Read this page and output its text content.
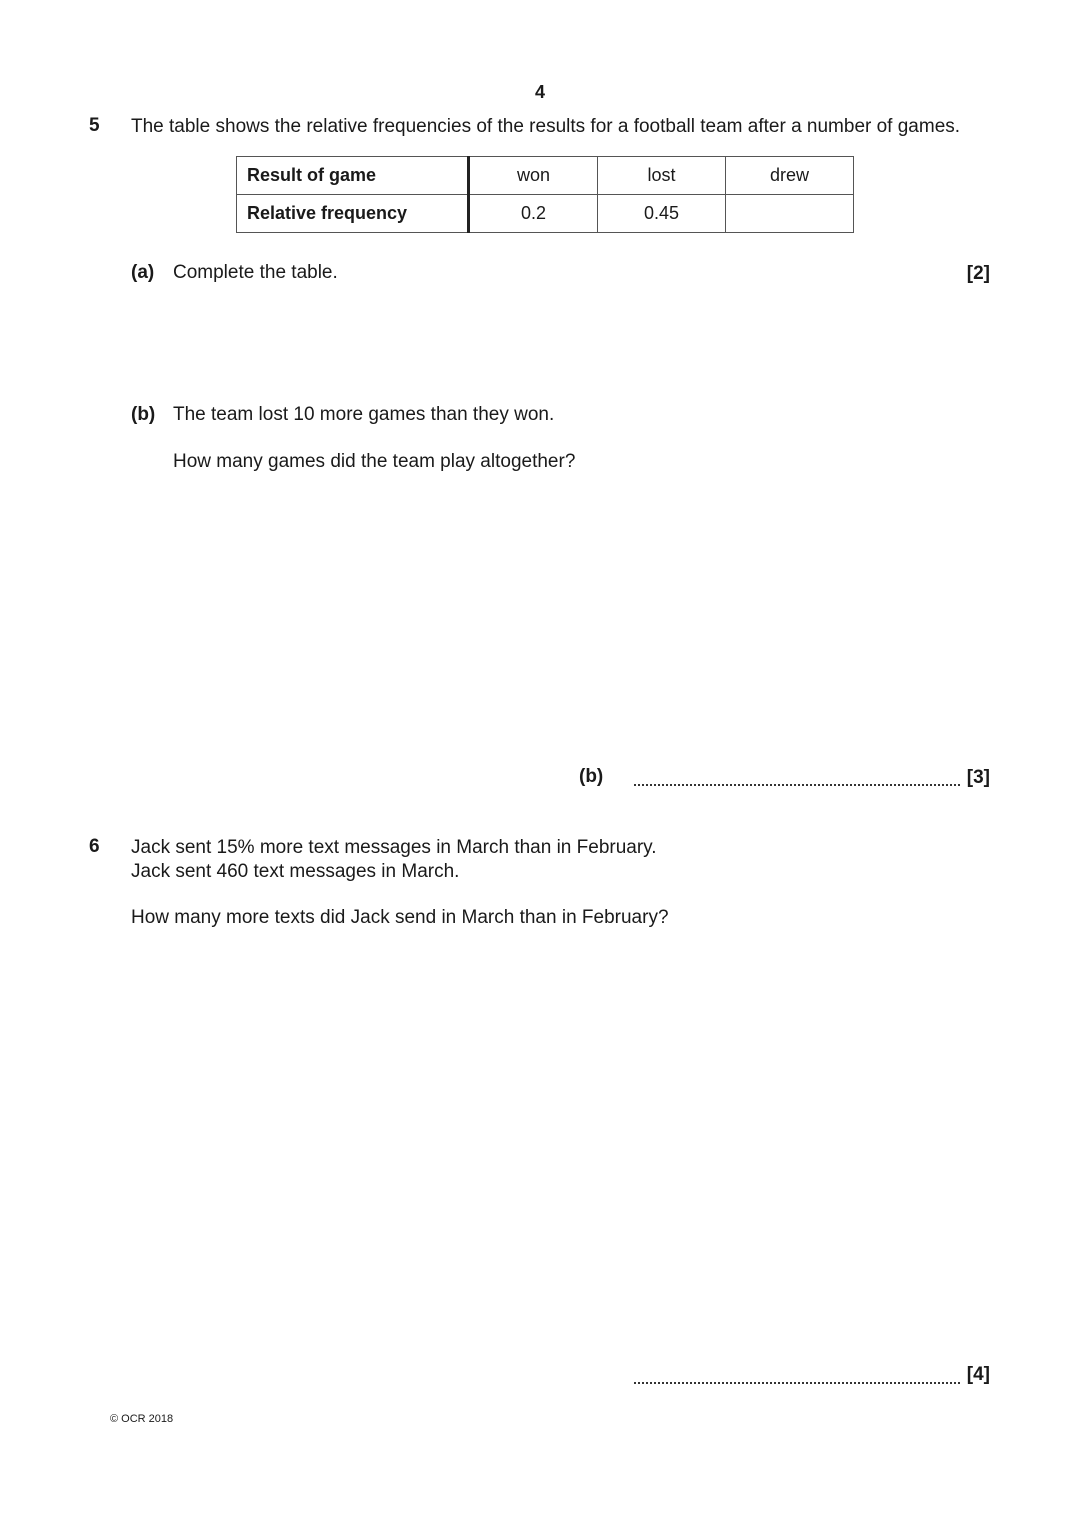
4
5 The table shows the relative frequencies of the results for a football team after a number of games.
Result of game	won	lost	drew
Relative frequency	0.2	0.45	
(a) Complete the table.	[2]
(b) The team lost 10 more games than they won.
How many games did the team play altogether?
(b)	[3]
6 Jack sent 15% more text messages in March than in February.
Jack sent 460 text messages in March.
How many more texts did Jack send in March than in February?
[4]
© OCR 2018
